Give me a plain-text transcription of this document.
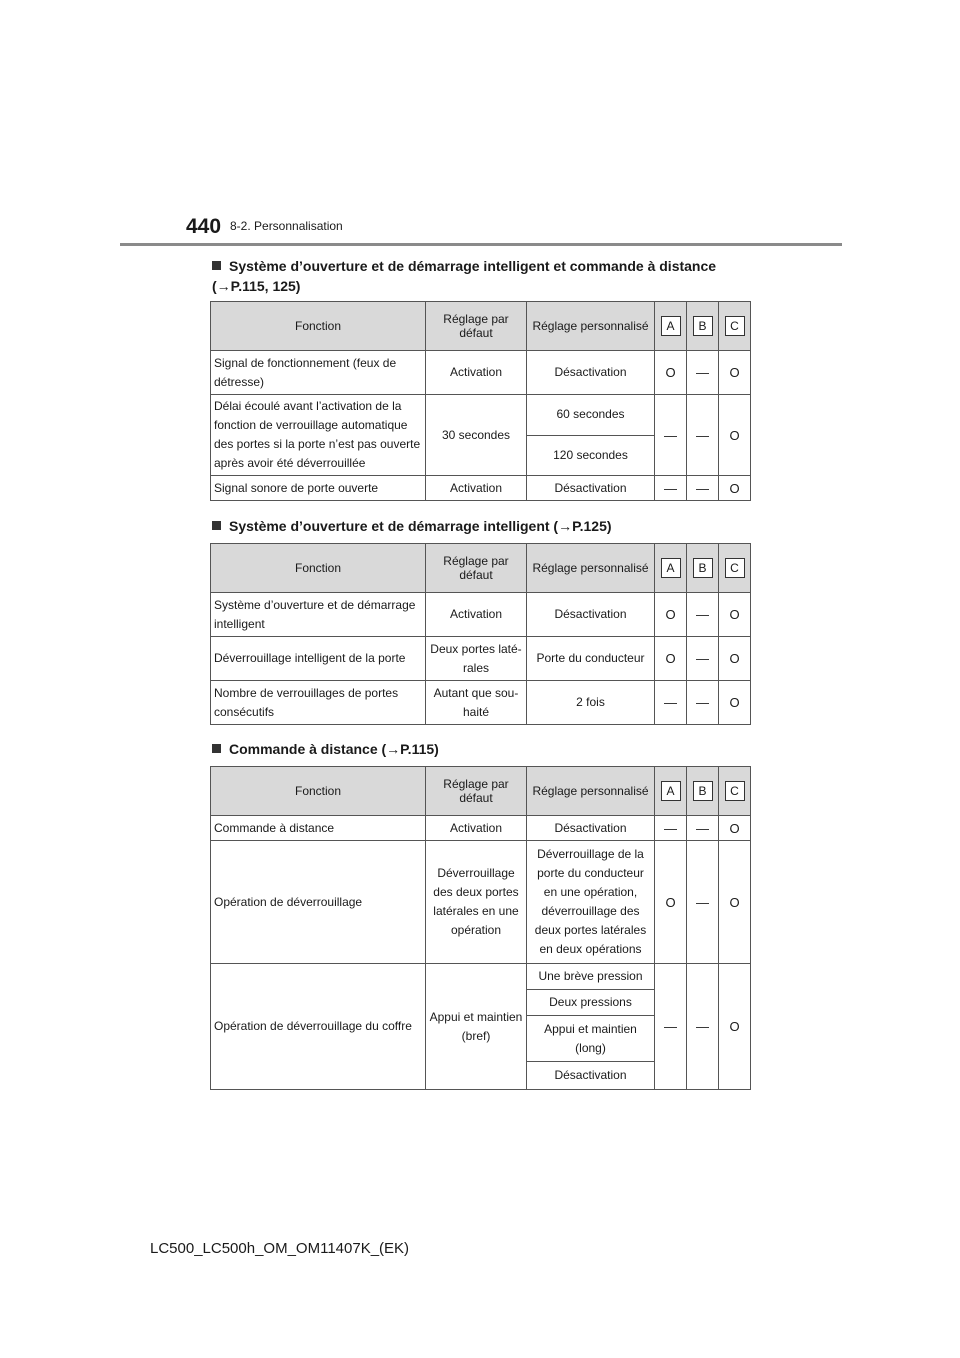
440 8-2. Personnalisation
Système d’ouverture et de démarrage intelligent et commande à distance (→P.115, 125)
Fonction	Réglage par défaut	Réglage personnalisé	A	B	C
Signal de fonctionnement (feux de détresse)	Activation	Désactivation	O	—	O
Délai écoulé avant l’activation de la fonction de verrouillage automatique des portes si la porte n’est pas ouverte après avoir été déverrouillée	30 secondes	60 secondes	—	—	O
		120 secondes			
Signal sonore de porte ouverte	Activation	Désactivation	—	—	O
Système d’ouverture et de démarrage intelligent (→P.125)
Fonction	Réglage par défaut	Réglage personnalisé	A	B	C
Système d’ouverture et de démarrage intelligent	Activation	Désactivation	O	—	O
Déverrouillage intelligent de la porte	Deux portes laté-rales	Porte du conducteur	O	—	O
Nombre de verrouillages de portes consécutifs	Autant que sou-haité	2 fois	—	—	O
Commande à distance (→P.115)
Fonction	Réglage par défaut	Réglage personnalisé	A	B	C
Commande à distance	Activation	Désactivation	—	—	O
Opération de déverrouillage	Déverrouillage des deux portes latérales en une opération	Déverrouillage de la porte du conducteur en une opération, déverrouillage des deux portes latérales en deux opérations	O	—	O
Opération de déverrouillage du coffre	Appui et maintien (bref)	Une brève pression	—	—	O
		Deux pressions			
		Appui et maintien (long)			
		Désactivation			
LC500_LC500h_OM_OM11407K_(EK)
